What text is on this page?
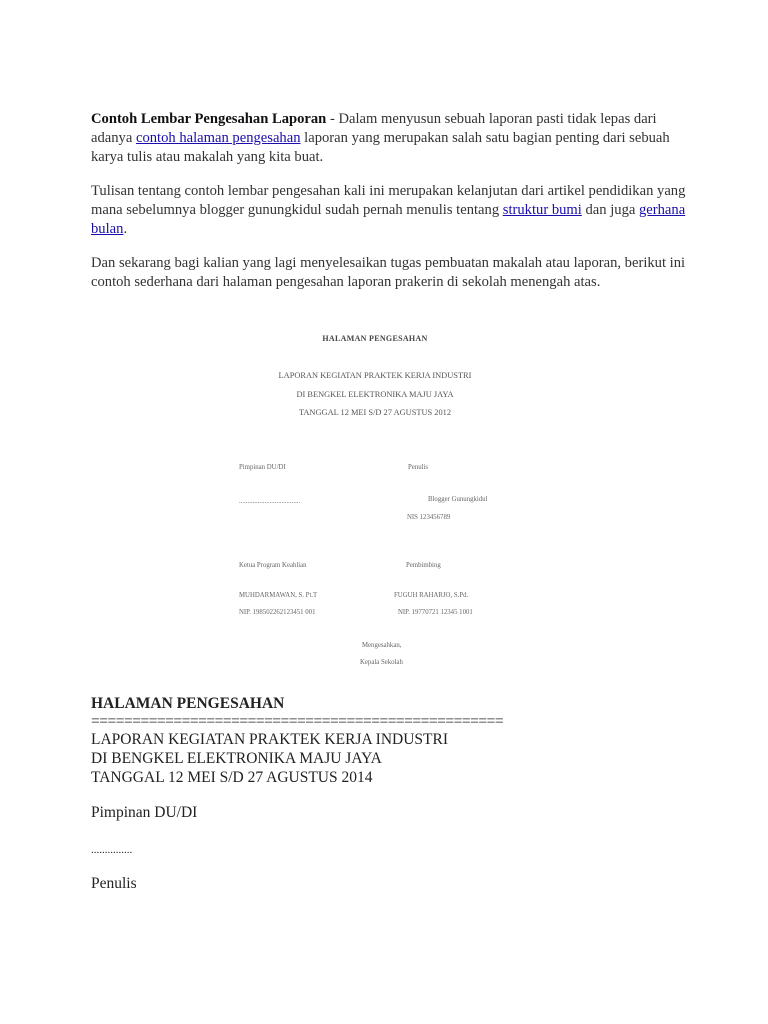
Contoh Lembar Pengesahan Laporan - Dalam menyusun sebuah laporan pasti tidak lepas dari adanya contoh halaman pengesahan laporan yang merupakan salah satu bagian penting dari sebuah karya tulis atau makalah yang kita buat.

Tulisan tentang contoh lembar pengesahan kali ini merupakan kelanjutan dari artikel pendidikan yang mana sebelumnya blogger gunungkidul sudah pernah menulis tentang struktur bumi dan juga gerhana bulan.

Dan sekarang bagi kalian yang lagi menyelesaikan tugas pembuatan makalah atau laporan, berikut ini contoh sederhana dari halaman pengesahan laporan prakerin di sekolah menengah atas.

HALAMAN PENGESAHAN
LAPORAN KEGIATAN PRAKTEK KERJA INDUSTRI
DI BENGKEL ELEKTRONIKA MAJU JAYA
TANGGAL 12 MEI S/D 27 AGUSTUS 2012
Pimpinan DU/DI	Penulis
....................................	Blogger Gunungkidul
NIS 123456789
Ketua Program Keahlian	Pembimbing
MUHDARMAWAN, S. Pt.T	FUGUH RAHARJO, S.Pd.
NIP. 198502262123451 001	NIP. 19770721 12345 1001
Mengesahkan,
Kepala Sekolah

HALAMAN PENGESAHAN

==================================================

LAPORAN KEGIATAN PRAKTEK KERJA INDUSTRI

DI BENGKEL ELEKTRONIKA MAJU JAYA

TANGGAL 12 MEI S/D 27 AGUSTUS 2014

Pimpinan DU/DI

...............

Penulis
